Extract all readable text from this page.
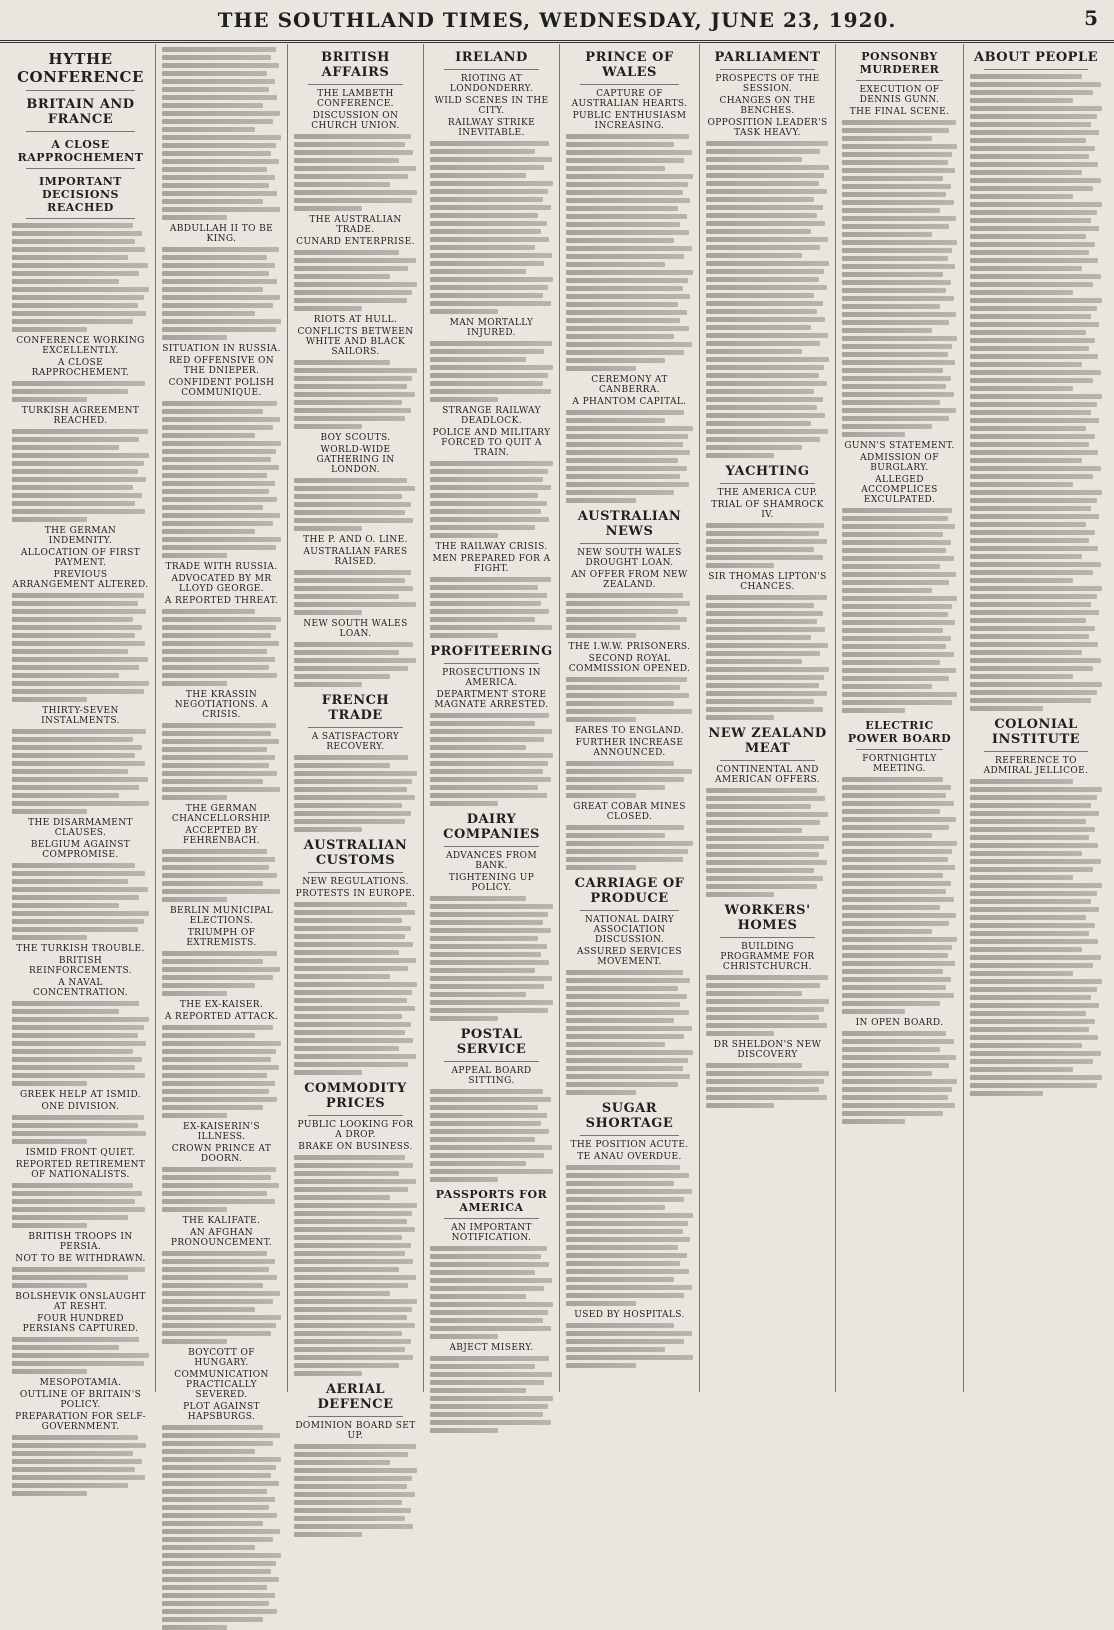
THE SOUTHLAND TIMES, WEDNESDAY, JUNE 23, 1920.	5
HYTHE CONFERENCE
BRITAIN AND FRANCE
A CLOSE RAPPROCHEMENT
IMPORTANT DECISIONS REACHED
CONFERENCE WORKING EXCELLENTLY.
A CLOSE RAPPROCHEMENT.
TURKISH AGREEMENT REACHED.
THE GERMAN INDEMNITY.
ALLOCATION OF FIRST PAYMENT.
PREVIOUS ARRANGEMENT ALTERED.
THIRTY-SEVEN INSTALMENTS.
THE DISARMAMENT CLAUSES.
BELGIUM AGAINST COMPROMISE.
THE TURKISH TROUBLE.
BRITISH REINFORCEMENTS.
A NAVAL CONCENTRATION.
GREEK HELP AT ISMID.
ONE DIVISION.
ISMID FRONT QUIET.
REPORTED RETIREMENT OF NATIONALISTS.
BRITISH TROOPS IN PERSIA.
NOT TO BE WITHDRAWN.
BOLSHEVIK ONSLAUGHT AT RESHT.
FOUR HUNDRED PERSIANS CAPTURED.
MESOPOTAMIA.
OUTLINE OF BRITAIN'S POLICY.
PREPARATION FOR SELF-GOVERNMENT.
ABDULLAH II TO BE KING.
SITUATION IN RUSSIA.
RED OFFENSIVE ON THE DNIEPER.
CONFIDENT POLISH COMMUNIQUE.
TRADE WITH RUSSIA.
ADVOCATED BY MR LLOYD GEORGE.
A REPORTED THREAT.
THE KRASSIN NEGOTIATIONS. A CRISIS.
THE GERMAN CHANCELLORSHIP.
ACCEPTED BY FEHRENBACH.
BERLIN MUNICIPAL ELECTIONS.
TRIUMPH OF EXTREMISTS.
THE EX-KAISER.
A REPORTED ATTACK.
EX-KAISERIN'S ILLNESS.
CROWN PRINCE AT DOORN.
THE KALIFATE.
AN AFGHAN PRONOUNCEMENT.
BOYCOTT OF HUNGARY.
COMMUNICATION PRACTICALLY SEVERED.
PLOT AGAINST HAPSBURGS.
BRITISH AFFAIRS
THE LAMBETH CONFERENCE.
DISCUSSION ON CHURCH UNION.
THE AUSTRALIAN TRADE.
CUNARD ENTERPRISE.
RIOTS AT HULL.
CONFLICTS BETWEEN WHITE AND BLACK SAILORS.
BOY SCOUTS.
WORLD-WIDE GATHERING IN LONDON.
THE P. AND O. LINE.
AUSTRALIAN FARES RAISED.
NEW SOUTH WALES LOAN.
FRENCH TRADE
A SATISFACTORY RECOVERY.
AUSTRALIAN CUSTOMS
NEW REGULATIONS.
PROTESTS IN EUROPE.
COMMODITY PRICES
PUBLIC LOOKING FOR A DROP.
BRAKE ON BUSINESS.
AERIAL DEFENCE
DOMINION BOARD SET UP.
IRELAND
RIOTING AT LONDONDERRY.
WILD SCENES IN THE CITY.
RAILWAY STRIKE INEVITABLE.
MAN MORTALLY INJURED.
STRANGE RAILWAY DEADLOCK.
POLICE AND MILITARY FORCED TO QUIT A TRAIN.
THE RAILWAY CRISIS.
MEN PREPARED FOR A FIGHT.
PROFITEERING
PROSECUTIONS IN AMERICA.
DEPARTMENT STORE MAGNATE ARRESTED.
DAIRY COMPANIES
ADVANCES FROM BANK.
TIGHTENING UP POLICY.
POSTAL SERVICE
APPEAL BOARD SITTING.
PASSPORTS FOR AMERICA
AN IMPORTANT NOTIFICATION.
ABJECT MISERY.
PRINCE OF WALES
CAPTURE OF AUSTRALIAN HEARTS.
PUBLIC ENTHUSIASM INCREASING.
CEREMONY AT CANBERRA.
A PHANTOM CAPITAL.
AUSTRALIAN NEWS
NEW SOUTH WALES DROUGHT LOAN.
AN OFFER FROM NEW ZEALAND.
THE I.W.W. PRISONERS.
SECOND ROYAL COMMISSION OPENED.
FARES TO ENGLAND.
FURTHER INCREASE ANNOUNCED.
GREAT COBAR MINES CLOSED.
CARRIAGE OF PRODUCE
NATIONAL DAIRY ASSOCIATION DISCUSSION.
ASSURED SERVICES MOVEMENT.
SUGAR SHORTAGE
THE POSITION ACUTE.
TE ANAU OVERDUE.
USED BY HOSPITALS.
PARLIAMENT
PROSPECTS OF THE SESSION.
CHANGES ON THE BENCHES.
OPPOSITION LEADER'S TASK HEAVY.
YACHTING
THE AMERICA CUP.
TRIAL OF SHAMROCK IV.
SIR THOMAS LIPTON'S CHANCES.
NEW ZEALAND MEAT
CONTINENTAL AND AMERICAN OFFERS.
WORKERS' HOMES
BUILDING PROGRAMME FOR CHRISTCHURCH.
DR SHELDON'S NEW DISCOVERY
PONSONBY MURDERER
EXECUTION OF DENNIS GUNN.
THE FINAL SCENE.
GUNN'S STATEMENT.
ADMISSION OF BURGLARY.
ALLEGED ACCOMPLICES EXCULPATED.
ELECTRIC POWER BOARD
FORTNIGHTLY MEETING.
IN OPEN BOARD.
ABOUT PEOPLE
COLONIAL INSTITUTE
REFERENCE TO ADMIRAL JELLICOE.
